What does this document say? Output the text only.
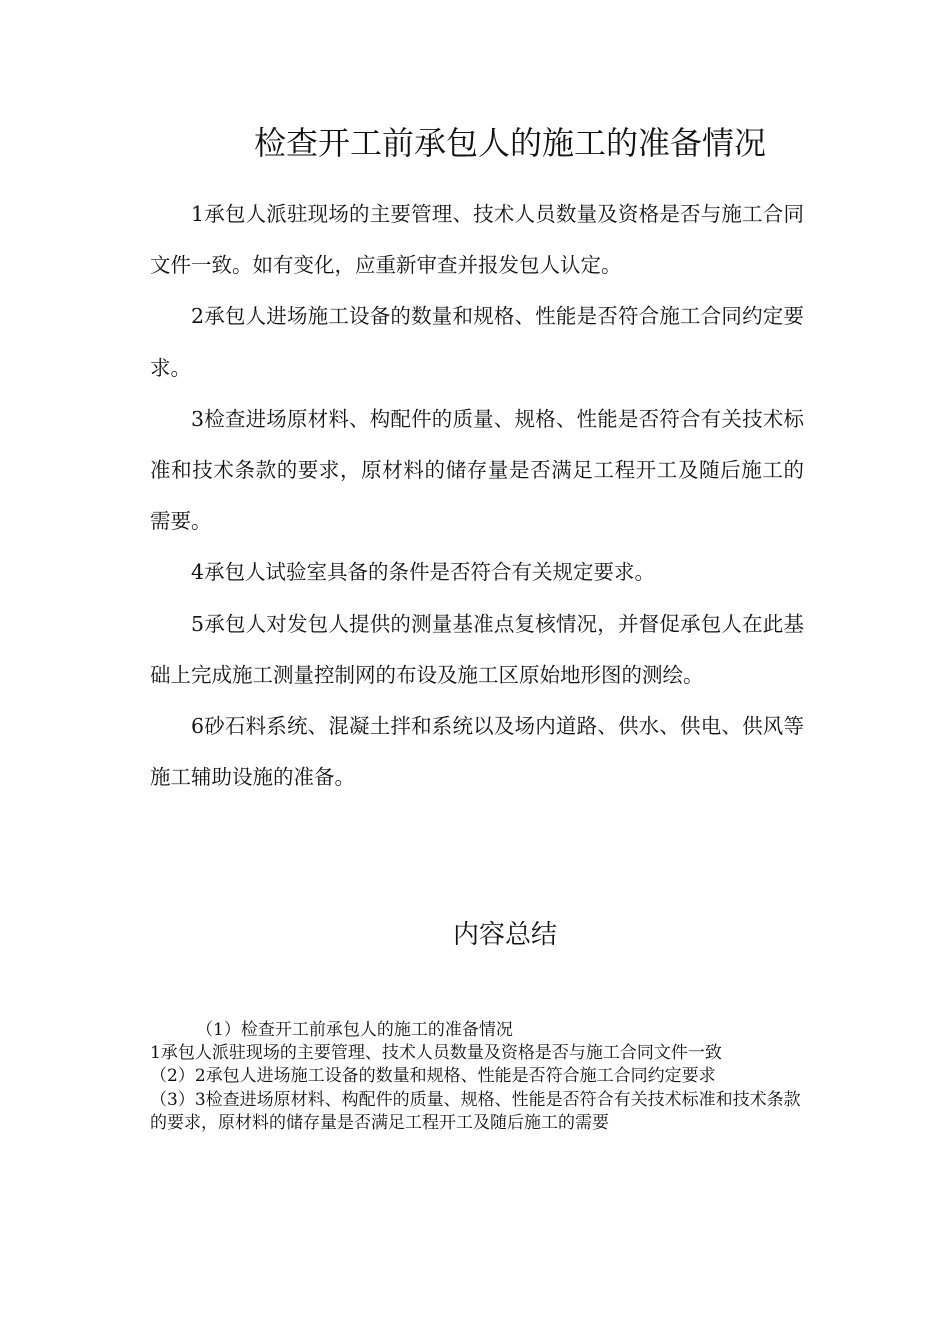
检查开工前承包人的施工的准备情况

1承包人派驻现场的主要管理、技术人员数量及资格是否与施工合同文件一致。如有变化，应重新审查并报发包人认定。

2承包人进场施工设备的数量和规格、性能是否符合施工合同约定要求。

3检查进场原材料、构配件的质量、规格、性能是否符合有关技术标准和技术条款的要求，原材料的储存量是否满足工程开工及随后施工的需要。

4承包人试验室具备的条件是否符合有关规定要求。

5承包人对发包人提供的测量基准点复核情况，并督促承包人在此基础上完成施工测量控制网的布设及施工区原始地形图的测绘。

6砂石料系统、混凝土拌和系统以及场内道路、供水、供电、供风等施工辅助设施的准备。

内容总结

（1）检查开工前承包人的施工的准备情况

1承包人派驻现场的主要管理、技术人员数量及资格是否与施工合同文件一致

（2）2承包人进场施工设备的数量和规格、性能是否符合施工合同约定要求

（3）3检查进场原材料、构配件的质量、规格、性能是否符合有关技术标准和技术条款的要求，原材料的储存量是否满足工程开工及随后施工的需要
